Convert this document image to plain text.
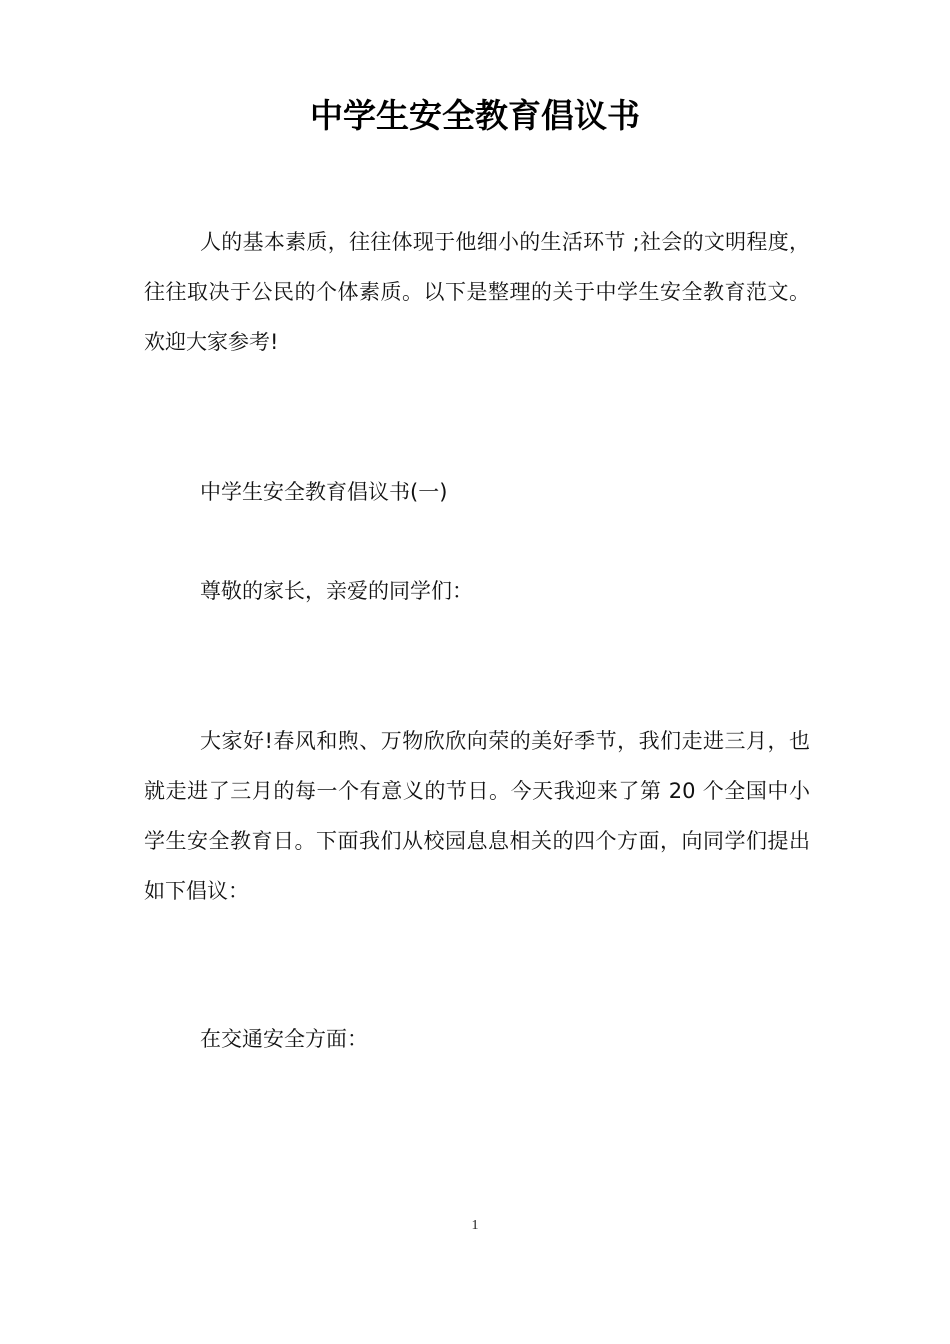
中学生安全教育倡议书
人的基本素质，往往体现于他细小的生活环节 ;社会的文明程度，往往取决于公民的个体素质。以下是整理的关于中学生安全教育范文。欢迎大家参考!
中学生安全教育倡议书(一)
尊敬的家长，亲爱的同学们：
大家好!春风和煦、万物欣欣向荣的美好季节，我们走进三月，也就走进了三月的每一个有意义的节日。今天我迎来了第 20 个全国中小学生安全教育日。下面我们从校园息息相关的四个方面，向同学们提出如下倡议：
在交通安全方面：
1
